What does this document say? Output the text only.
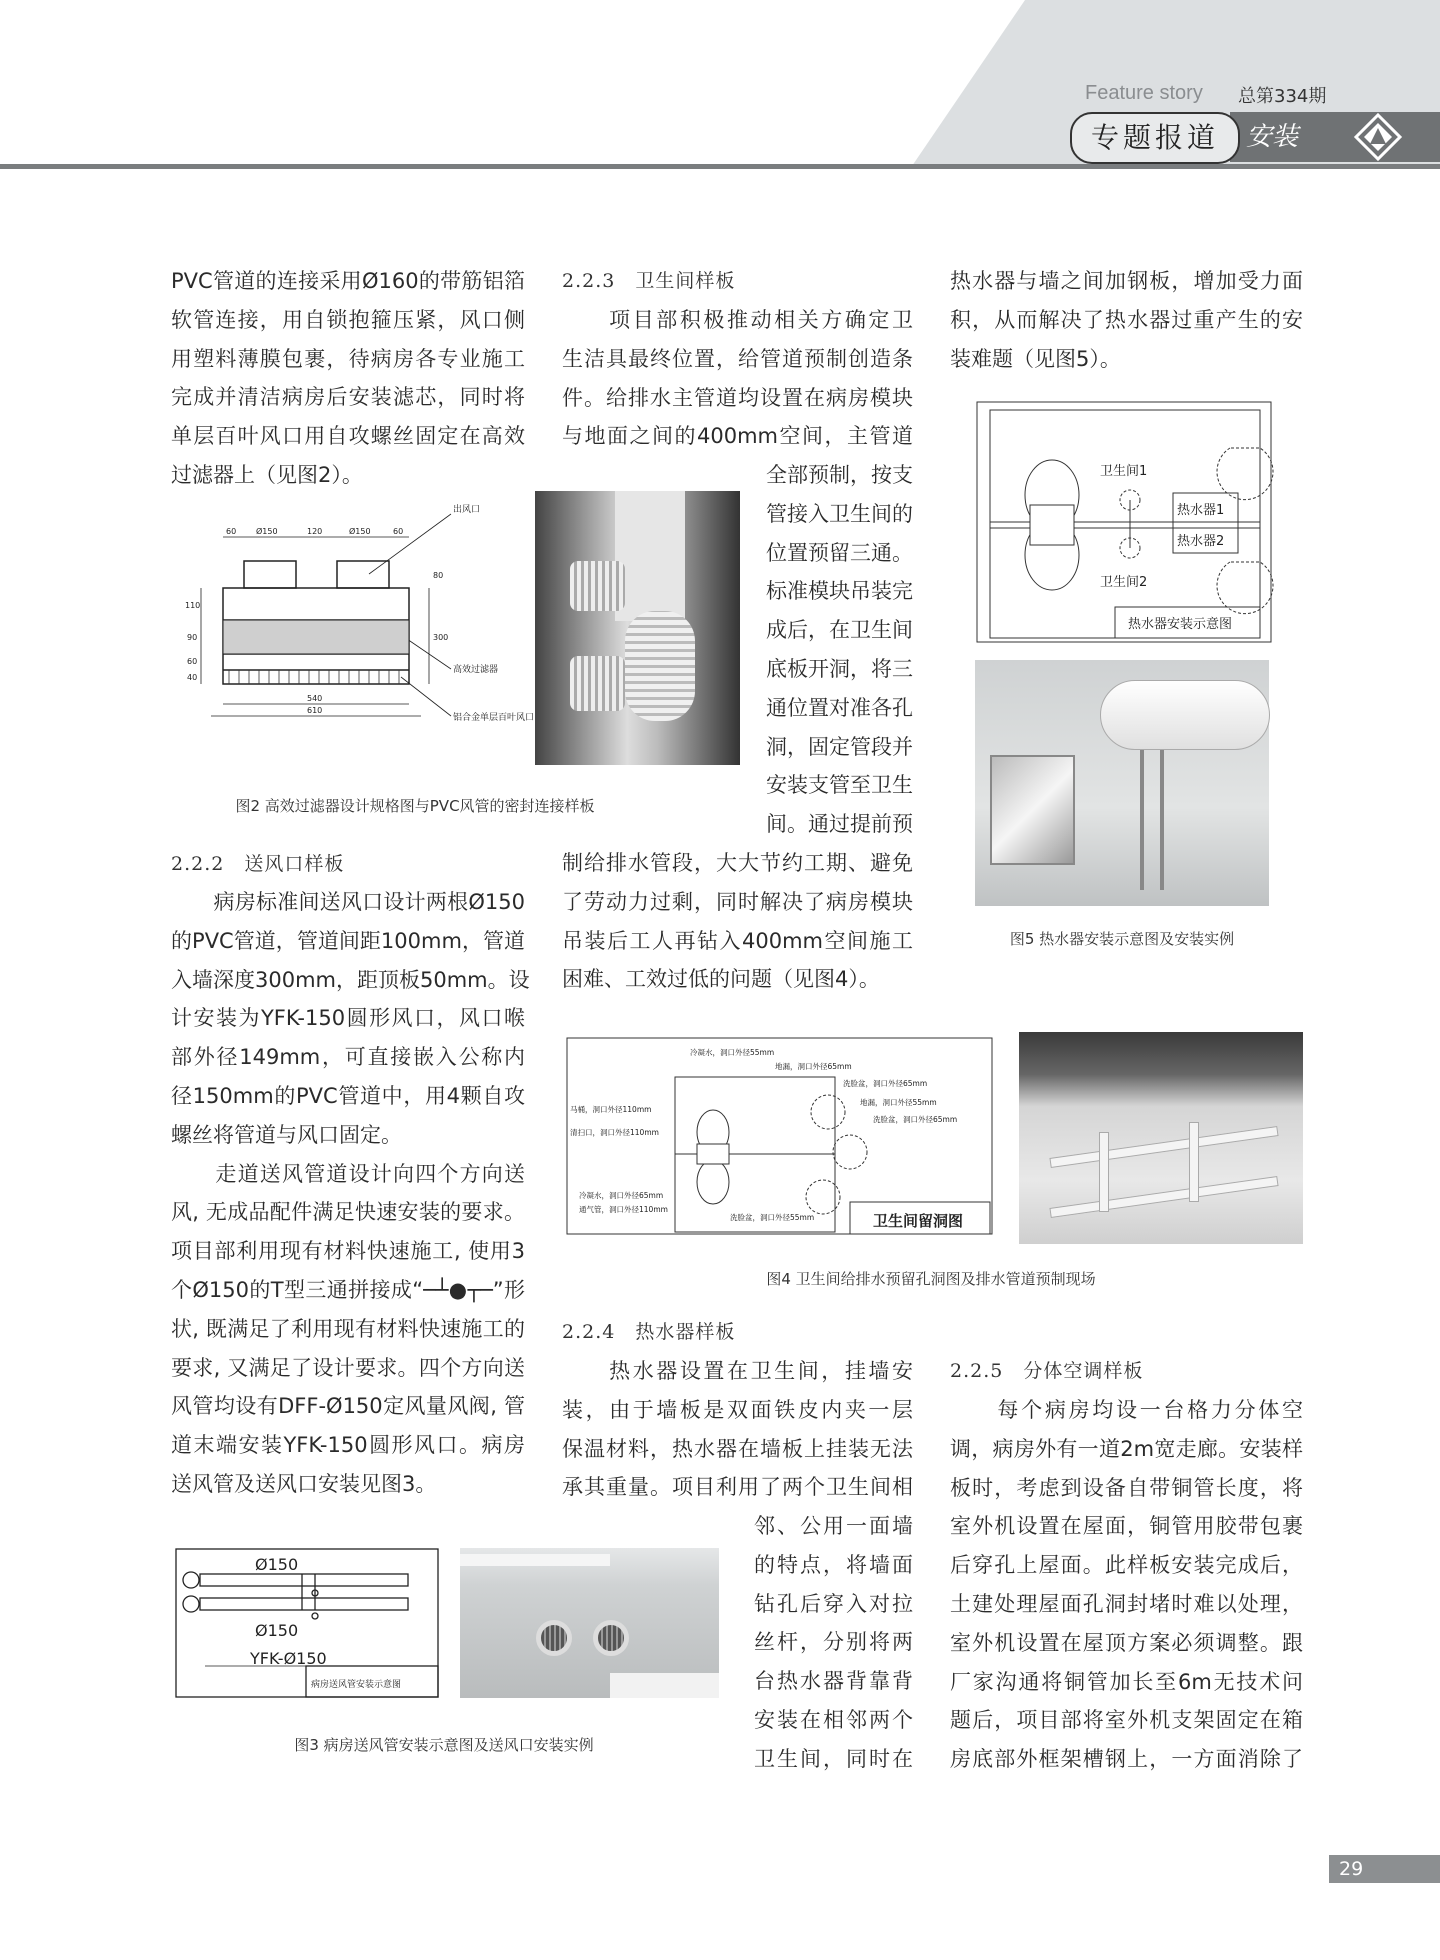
Feature story 总第334期
专题报道	安装
PVC管道的连接采用Ø160的带筋铝箔
软管连接，用自锁抱箍压紧，风口侧
用塑料薄膜包裹，待病房各专业施工
完成并清洁病房后安装滤芯，同时将
单层百叶风口用自攻螺丝固定在高效
过滤器上（见图2）。
2.2.2　送风口样板
　　病房标准间送风口设计两根Ø150
的PVC管道，管道间距100mm，管道
入墙深度300mm，距顶板50mm。设
计安装为YFK-150圆形风口，风口喉
部外径149mm，可直接嵌入公称内
径150mm的PVC管道中，用4颗自攻
螺丝将管道与风口固定。
　　走道送风管道设计向四个方向送
风, 无成品配件满足快速安装的要求。
项目部利用现有材料快速施工, 使用3
个Ø150的T型三通拼接成“─┴●┬─”形
状, 既满足了利用现有材料快速施工的
要求, 又满足了设计要求。四个方向送
风管均设有DFF-Ø150定风量风阀, 管
道末端安装YFK-150圆形风口。病房
送风管及送风口安装见图3。
2.2.3　卫生间样板
　　项目部积极推动相关方确定卫
生洁具最终位置，给管道预制创造条
件。给排水主管道均设置在病房模块
与地面之间的400mm空间，主管道
全部预制，按支
管接入卫生间的
位置预留三通。
标准模块吊装完
成后，在卫生间
底板开洞，将三
通位置对准各孔
洞，固定管段并
安装支管至卫生
间。通过提前预
制给排水管段，大大节约工期、避免
了劳动力过剩，同时解决了病房模块
吊装后工人再钻入400mm空间施工
困难、工效过低的问题（见图4）。
2.2.4　热水器样板
　　热水器设置在卫生间，挂墙安
装，由于墙板是双面铁皮内夹一层
保温材料，热水器在墙板上挂装无法
承其重量。项目利用了两个卫生间相
邻、公用一面墙
的特点，将墙面
钻孔后穿入对拉
丝杆，分别将两
台热水器背靠背
安装在相邻两个
卫生间，同时在
热水器与墙之间加钢板，增加受力面
积，从而解决了热水器过重产生的安
装难题（见图5）。
2.2.5　分体空调样板
　　每个病房均设一台格力分体空
调，病房外有一道2m宽走廊。安装样
板时，考虑到设备自带铜管长度，将
室外机设置在屋面，铜管用胶带包裹
后穿孔上屋面。此样板安装完成后，
土建处理屋面孔洞封堵时难以处理，
室外机设置在屋顶方案必须调整。跟
厂家沟通将铜管加长至6m无技术问
题后，项目部将室外机支架固定在箱
房底部外框架槽钢上，一方面消除了
60 Ø150	120	Ø150	60
80
110
90
60
40
300
540
610
出风口
高效过滤器
铝合金单层百叶风口
图2 高效过滤器设计规格图与PVC风管的密封连接样板
卫生间1
卫生间2
热水器1
热水器2
热水器安装示意图
图5 热水器安装示意图及安装实例
冷凝水，洞口外径55mm
地漏，洞口外径65mm
洗脸盆，洞口外径65mm
地漏，洞口外径55mm
洗脸盆，洞口外径65mm
马桶，洞口外径110mm
清扫口，洞口外径110mm
冷凝水，洞口外径65mm
通气管，洞口外径110mm
洗脸盆，洞口外径55mm	卫生间留洞图
图4 卫生间给排水预留孔洞图及排水管道预制现场
Ø150
Ø150
YFK-Ø150
病房送风管安装示意图
图3 病房送风管安装示意图及送风口安装实例
29
